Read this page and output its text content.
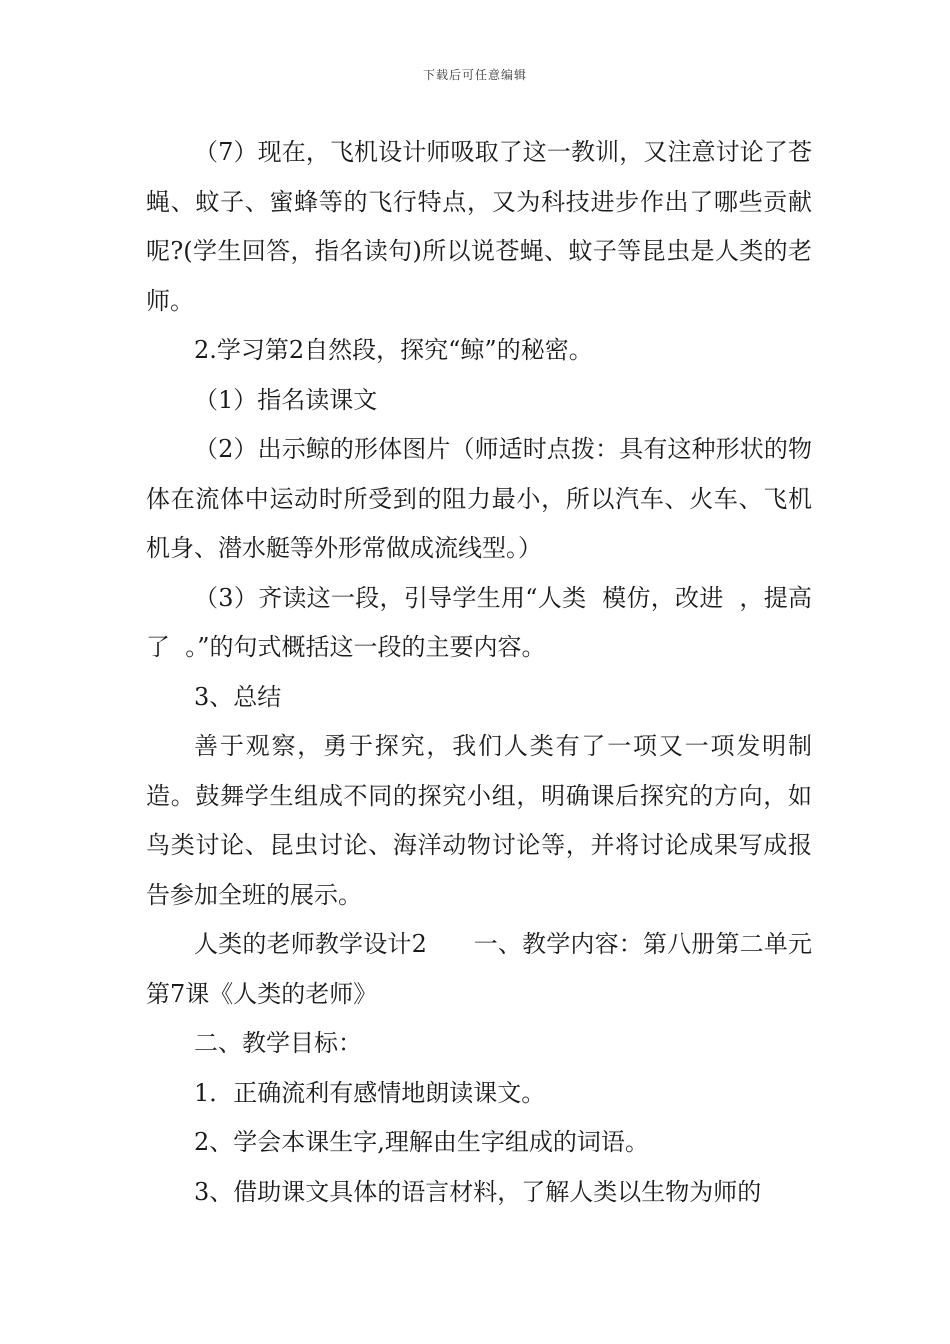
下载后可任意编辑

（7）现在，飞机设计师吸取了这一教训，又注意讨论了苍蝇、蚊子、蜜蜂等的飞行特点，又为科技进步作出了哪些贡献呢?(学生回答，指名读句)所以说苍蝇、蚊子等昆虫是人类的老师。

2.学习第2自然段，探究“鲸”的秘密。

（1）指名读课文

（2）出示鲸的形体图片（师适时点拨：具有这种形状的物体在流体中运动时所受到的阻力最小，所以汽车、火车、飞机机身、潜水艇等外形常做成流线型。）

（3）齐读这一段，引导学生用“人类  模仿，改进  ，提高了  。”的句式概括这一段的主要内容。

3、总结

善于观察，勇于探究，我们人类有了一项又一项发明制造。鼓舞学生组成不同的探究小组，明确课后探究的方向，如鸟类讨论、昆虫讨论、海洋动物讨论等，并将讨论成果写成报告参加全班的展示。

人类的老师教学设计2      一、教学内容：第八册第二单元第7课《人类的老师》

二、教学目标：

1．正确流利有感情地朗读课文。

2、学会本课生字,理解由生字组成的词语。

3、借助课文具体的语言材料，了解人类以生物为师的
